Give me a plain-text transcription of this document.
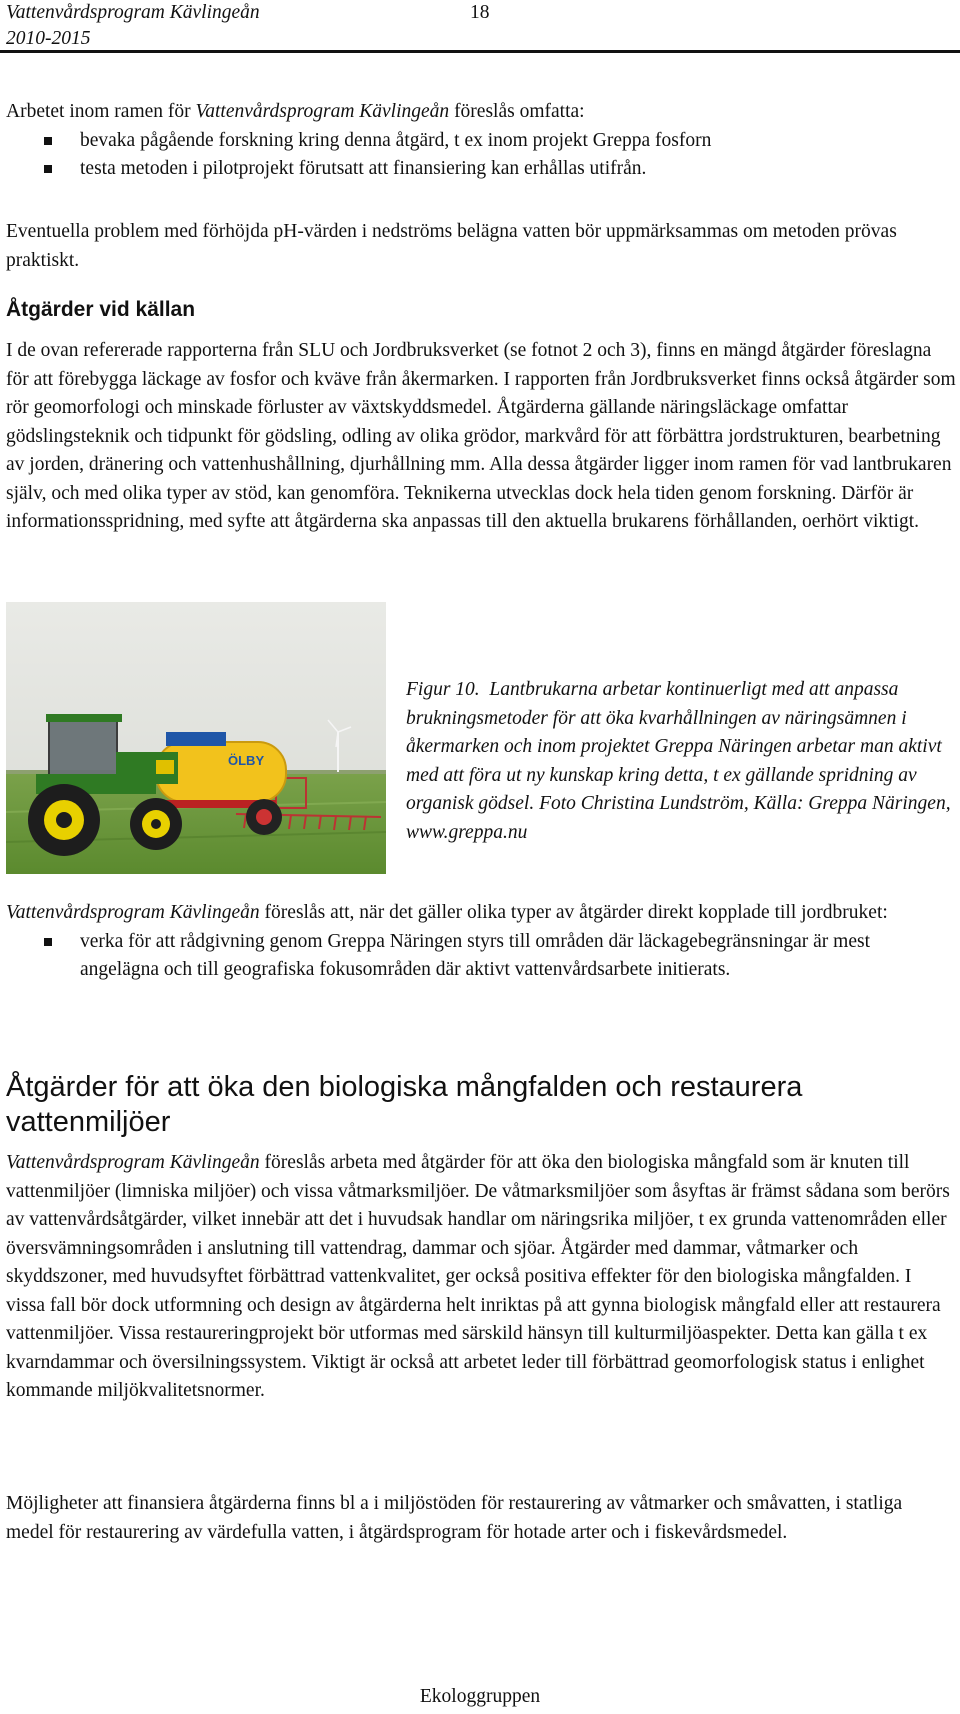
Vattenvårdsprogram Kävlingeån
2010-2015
18

Arbetet inom ramen för Vattenvårdsprogram Kävlingeån föreslås omfatta:

bevaka pågående forskning kring denna åtgärd, t ex inom projekt Greppa fosforn
testa metoden i pilotprojekt förutsatt att finansiering kan erhållas utifrån.

Eventuella problem med förhöjda pH-värden i nedströms belägna vatten bör uppmärksammas om metoden prövas praktiskt.

Åtgärder vid källan

I de ovan refererade rapporterna från SLU och Jordbruksverket (se fotnot 2 och 3), finns en mängd åtgärder föreslagna för att förebygga läckage av fosfor och kväve från åkermarken. I rapporten från Jordbruksverket finns också åtgärder som rör geomorfologi och minskade förluster av växtskyddsmedel. Åtgärderna gällande näringsläckage omfattar gödslingsteknik och tidpunkt för gödsling, odling av olika grödor, markvård för att förbättra jordstrukturen, bearbetning av jorden, dränering och vattenhushållning, djurhållning mm. Alla dessa åtgärder ligger inom ramen för vad lantbrukaren själv, och med olika typer av stöd, kan genomföra. Teknikerna utvecklas dock hela tiden genom forskning. Därför är informationsspridning, med syfte att åtgärderna ska anpassas till den aktuella brukarens förhållanden, oerhört viktigt.

ÖLBY
Figur 10. Lantbrukarna arbetar kontinuerligt med att anpassa brukningsmetoder för att öka kvarhållningen av näringsämnen i åkermarken och inom projektet Greppa Näringen arbetar man aktivt med att föra ut ny kunskap kring detta, t ex gällande spridning av organisk gödsel. Foto Christina Lundström, Källa: Greppa Näringen, www.greppa.nu

Vattenvårdsprogram Kävlingeån föreslås att, när det gäller olika typer av åtgärder direkt kopplade till jordbruket:

verka för att rådgivning genom Greppa Näringen styrs till områden där läckagebegränsningar är mest angelägna och till geografiska fokusområden där aktivt vattenvårdsarbete initierats.
Åtgärder för att öka den biologiska mångfalden och restaurera vattenmiljöer

Vattenvårdsprogram Kävlingeån föreslås arbeta med åtgärder för att öka den biologiska mångfald som är knuten till vattenmiljöer (limniska miljöer) och vissa våtmarksmiljöer. De våtmarksmiljöer som åsyftas är främst sådana som berörs av vattenvårdsåtgärder, vilket innebär att det i huvudsak handlar om näringsrika miljöer, t ex grunda vattenområden eller översvämningsområden i anslutning till vattendrag, dammar och sjöar. Åtgärder med dammar, våtmarker och skyddszoner, med huvudsyftet förbättrad vattenkvalitet, ger också positiva effekter för den biologiska mångfalden. I vissa fall bör dock utformning och design av åtgärderna helt inriktas på att gynna biologisk mångfald eller att restaurera vattenmiljöer. Vissa restaureringprojekt bör utformas med särskild hänsyn till kulturmiljöaspekter. Detta kan gälla t ex kvarndammar och översilningssystem. Viktigt är också att arbetet leder till förbättrad geomorfologisk status i enlighet kommande miljökvalitetsnormer.

Möjligheter att finansiera åtgärderna finns bl a i miljöstöden för restaurering av våtmarker och småvatten, i statliga medel för restaurering av värdefulla vatten, i åtgärdsprogram för hotade arter och i fiskevårdsmedel.

Ekologgruppen
